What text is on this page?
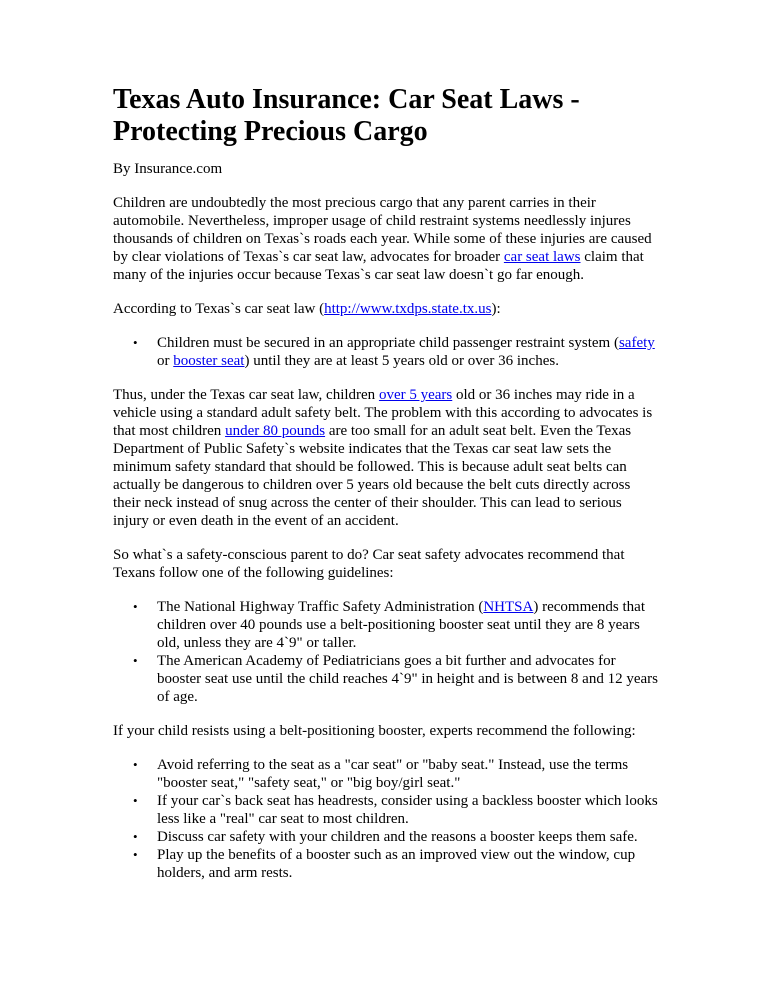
Texas Auto Insurance: Car Seat Laws -
Protecting Precious Cargo

By Insurance.com

Children are undoubtedly the most precious cargo that any parent carries in their automobile. Nevertheless, improper usage of child restraint systems needlessly injures thousands of children on Texas`s roads each year. While some of these injuries are caused by clear violations of Texas`s car seat law, advocates for broader car seat laws claim that many of the injuries occur because Texas`s car seat law doesn`t go far enough.

According to Texas`s car seat law (http://www.txdps.state.tx.us):

• Children must be secured in an appropriate child passenger restraint system (safety or booster seat) until they are at least 5 years old or over 36 inches.

Thus, under the Texas car seat law, children over 5 years old or 36 inches may ride in a vehicle using a standard adult safety belt. The problem with this according to advocates is that most children under 80 pounds are too small for an adult seat belt. Even the Texas Department of Public Safety`s website indicates that the Texas car seat law sets the minimum safety standard that should be followed. This is because adult seat belts can actually be dangerous to children over 5 years old because the belt cuts directly across their neck instead of snug across the center of their shoulder. This can lead to serious injury or even death in the event of an accident.

So what`s a safety-conscious parent to do? Car seat safety advocates recommend that Texans follow one of the following guidelines:

• The National Highway Traffic Safety Administration (NHTSA) recommends that children over 40 pounds use a belt-positioning booster seat until they are 8 years old, unless they are 4`9" or taller.
• The American Academy of Pediatricians goes a bit further and advocates for booster seat use until the child reaches 4`9" in height and is between 8 and 12 years of age.

If your child resists using a belt-positioning booster, experts recommend the following:

• Avoid referring to the seat as a "car seat" or "baby seat." Instead, use the terms "booster seat," "safety seat," or "big boy/girl seat."
• If your car`s back seat has headrests, consider using a backless booster which looks less like a "real" car seat to most children.
• Discuss car safety with your children and the reasons a booster keeps them safe.
• Play up the benefits of a booster such as an improved view out the window, cup holders, and arm rests.
